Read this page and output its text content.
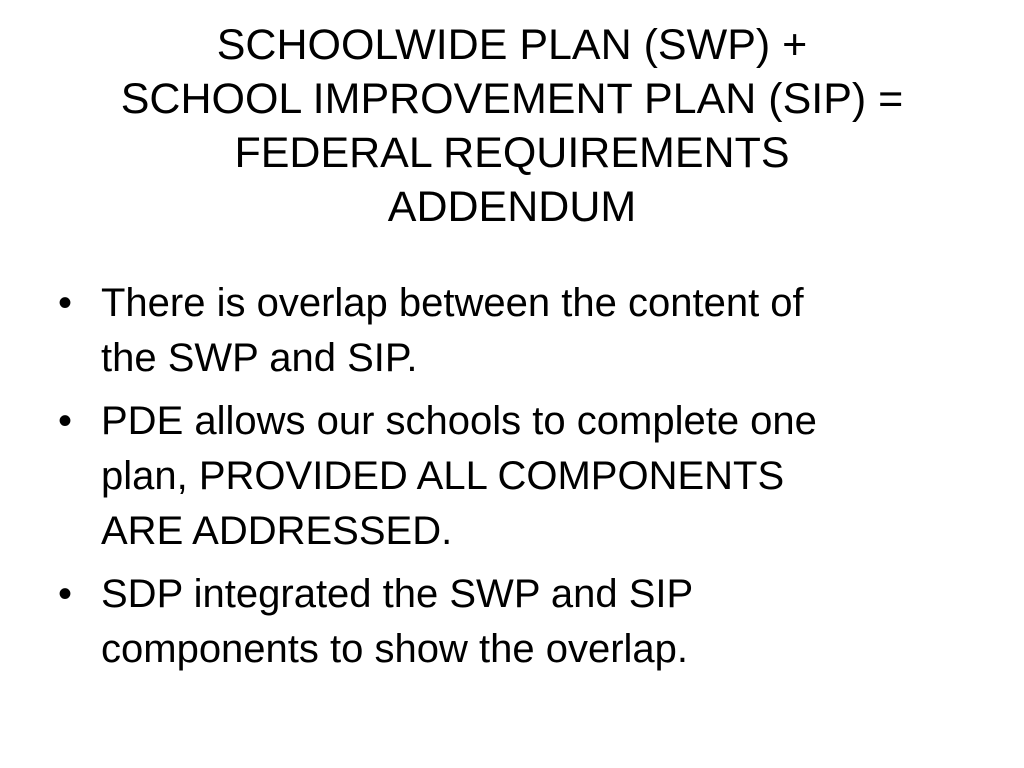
SCHOOLWIDE PLAN (SWP) +
SCHOOL IMPROVEMENT PLAN (SIP) =
FEDERAL REQUIREMENTS
ADDENDUM
• There is overlap between the content of
the SWP and SIP.
• PDE allows our schools to complete one
plan, PROVIDED ALL COMPONENTS
ARE ADDRESSED.
• SDP integrated the SWP and SIP
components to show the overlap.
